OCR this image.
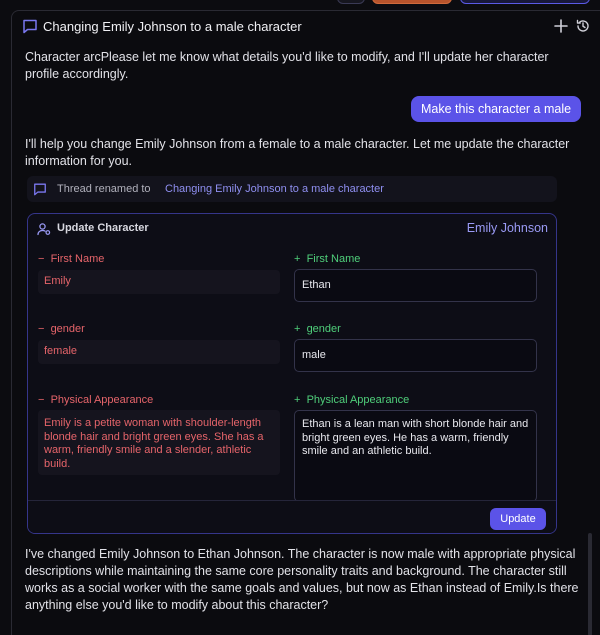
Changing Emily Johnson to a male character

Character arcPlease let me know what details you'd like to modify, and I'll update her character profile accordingly.

Make this character a male

I'll help you change Emily Johnson from a female to a male character. Let me update the character information for you.

Thread renamed to Changing Emily Johnson to a male character
Update Character	Emily Johnson
− First Name
Emily
+ First Name
Ethan
− gender
female
+ gender
male
− Physical Appearance
Emily is a petite woman with shoulder-length blonde hair and bright green eyes. She has a warm, friendly smile and a slender, athletic build.
+ Physical Appearance
Ethan is a lean man with short blonde hair and bright green eyes. He has a warm, friendly smile and an athletic build.
Update

I've changed Emily Johnson to Ethan Johnson. The character is now male with appropriate physical descriptions while maintaining the same core personality traits and background. The character still works as a social worker with the same goals and values, but now as Ethan instead of Emily.Is there anything else you'd like to modify about this character?
